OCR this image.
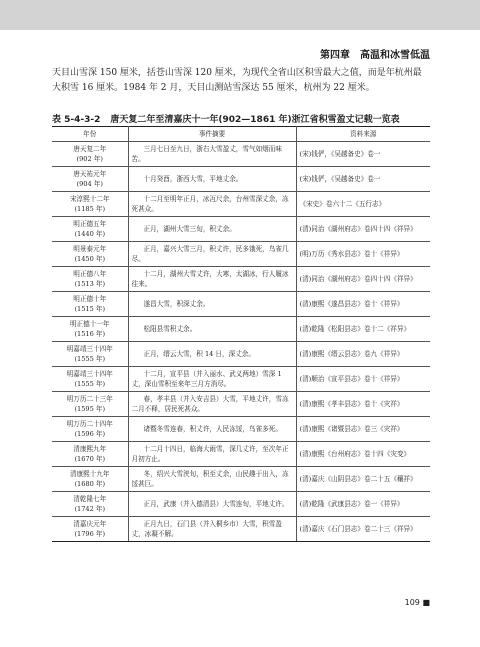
第四章　高温和冰雪低温

天目山雪深 150 厘米，括苍山雪深 120 厘米，为现代全省山区积雪最大之值，而是年杭州最大积雪 16 厘米。1984 年 2 月，天目山测站雪深达 55 厘米，杭州为 22 厘米。

表 5-4-3-2 唐天复二年至清嘉庆十一年(902—1861 年)浙江省积雪盈丈记载一览表
年份	事件摘要	资料来源
唐天复二年
(902 年)	三月七日至九日，浙右大雪盈丈，雪气如烟而味苦。	(宋)钱俨，《吴越备史》卷一
唐天祐元年
(904 年)	十月癸酉，浙西大雪，平地丈余。	(宋)钱俨，《吴越备史》卷一
宋淳熙十二年
(1185 年)	十二月至明年正月，冰冱尺余，台州雪深丈余，冻死甚众。	《宋史》卷六十二《五行志》
明正德五年
(1440 年)	正月，湖州大雪三旬，积丈余。	(清)同治《湖州府志》卷四十四《祥异》
明景泰元年
(1450 年)	正月，嘉兴大雪三月，积丈许，民多饿死，鸟雀几尽。	(明)万历《秀水县志》卷十《祥异》
明正德八年
(1513 年)	十二月，湖州大雪丈许，大寒，太湖冰，行人履冰往来。	(清)同治《湖州府志》卷四十四《祥异》
明正德十年
(1515 年)	遂昌大雪，积深丈余。	(清)康熙《遂昌县志》卷十《祥异》
明正德十一年
(1516 年)	松阳县雪积丈余。	(清)乾隆《松阳县志》卷十二《祥异》
明嘉靖三十四年
(1555 年)	正月，缙云大雪，积 14 日，深丈余。	(清)康熙《缙云县志》卷九《祥异》
明嘉靖三十四年
(1555 年)	十二月，宣平县（并入丽水、武义两地）雪深 1 丈，深山雪积至来年三月方消尽。	(清)顺治《宣平县志》卷十《祥异》
明万历二十三年
(1595 年)	春，孝丰县（并入安吉县）大雪，平地丈许，雪冻二月不释，居民死甚众。	(清)康熙《孝丰县志》卷十《灾祥》
明万历二十四年
(1596 年)	诸暨冬雪连春，积丈许，人民冻馁，鸟雀多死。	(清)康熙《诸暨县志》卷三《灾祥》
清康熙九年
(1670 年)	十二月十四日，临海大雨雪，深几丈许，至次年正月初方止。	(清)康熙《台州府志》卷十四《灾变》
清康熙十九年
(1680 年)	冬，绍兴大雪浃旬，积至丈余，山民趣于出入，冻馁甚巨。	(清)嘉庆《山阴县志》卷二十五《穰祥》
清乾隆七年
(1742 年)	正月，武康（并入德清县）大雪连旬，平地丈许。	(清)乾隆《武康县志》卷一《祥异》
清嘉庆元年
(1796 年)	正月九日，石门县（并入桐乡市）大雪，积雪盈丈，冰凝不解。	(清)嘉庆《石门县志》卷二十三《祥异》
109 ■
